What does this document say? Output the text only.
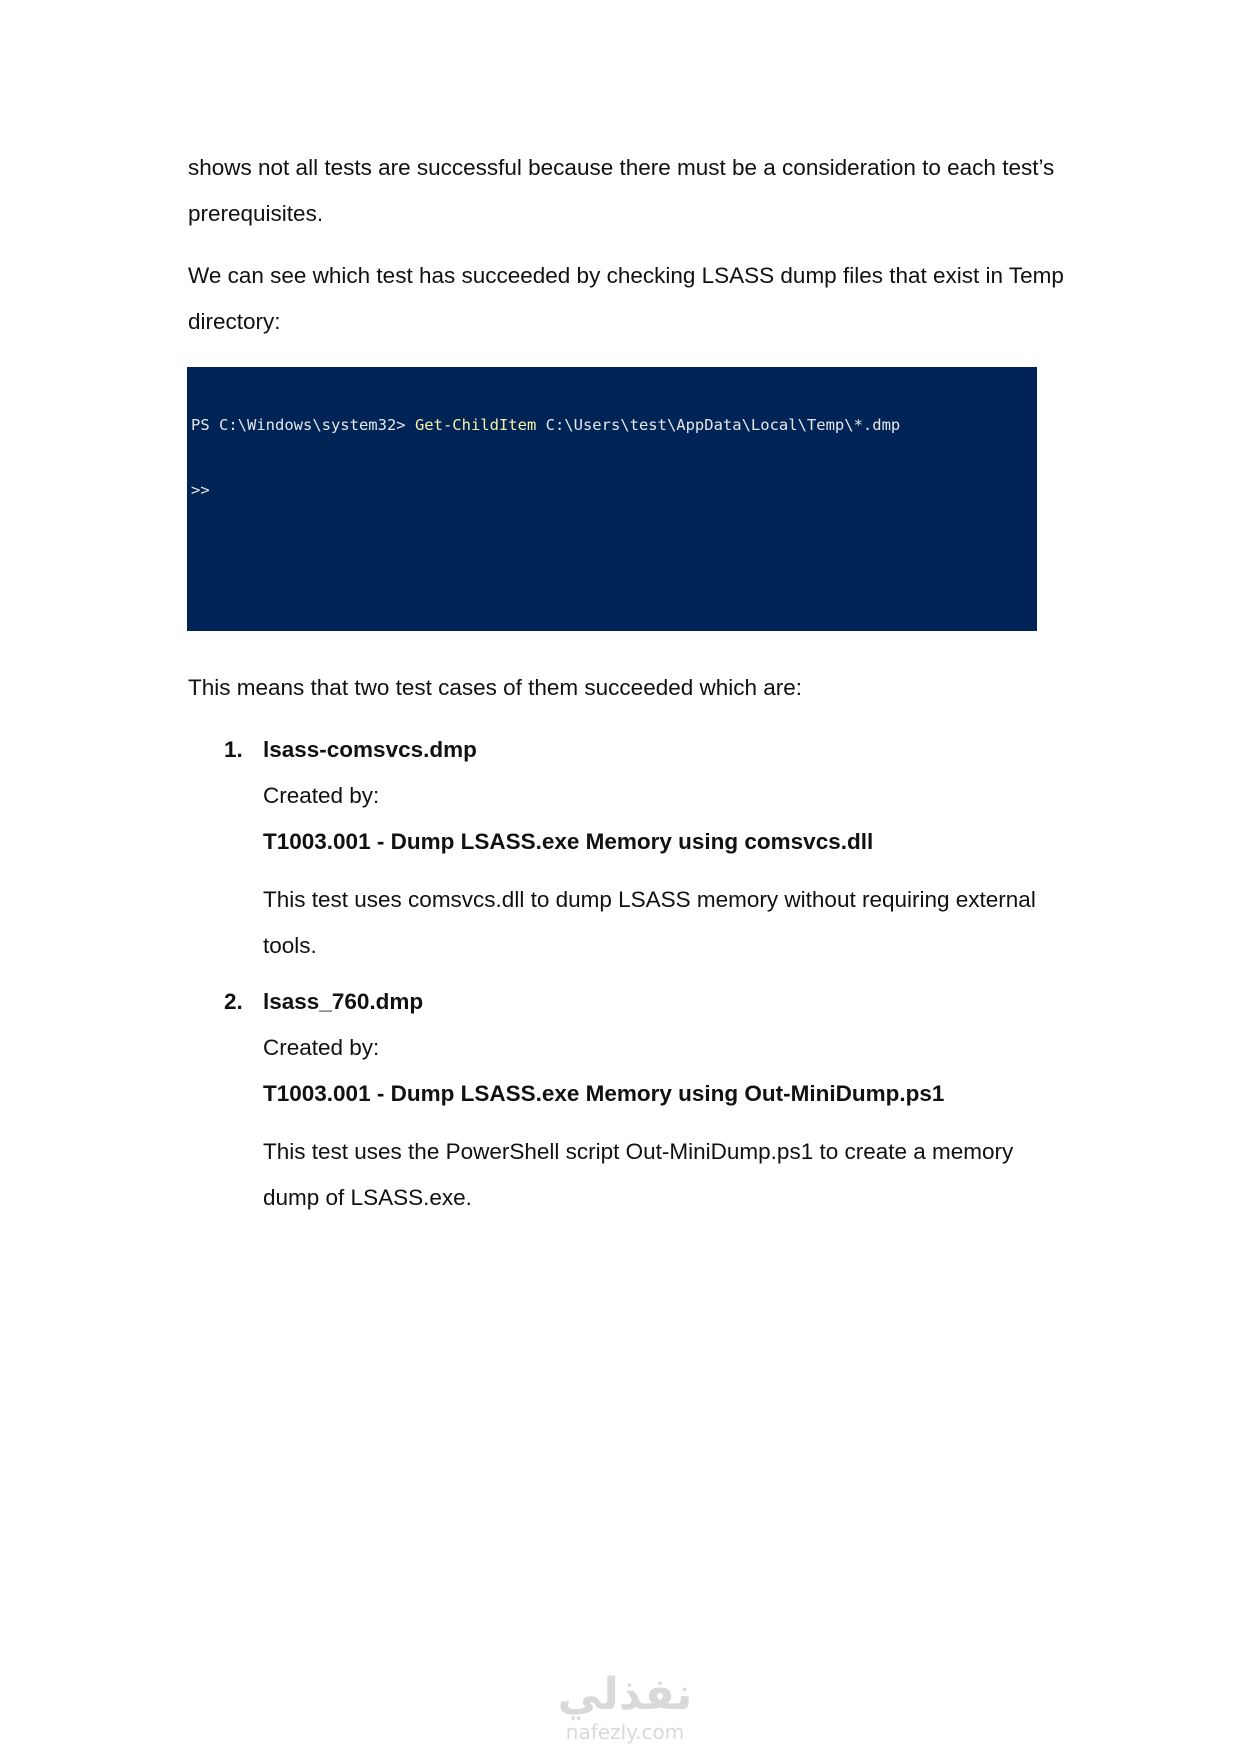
shows not all tests are successful because there must be a consideration to each test’s prerequisites.

We can see which test has succeeded by checking LSASS dump files that exist in Temp directory:

PS C:\Windows\system32> Get-ChildItem C:\Users\test\AppData\Local\Temp\*.dmp

>>

This means that two test cases of them succeeded which are:

1. lsass-comsvcs.dmp
Created by:
T1003.001 - Dump LSASS.exe Memory using comsvcs.dll
This test uses comsvcs.dll to dump LSASS memory without requiring external tools.
2. lsass_760.dmp
Created by:
T1003.001 - Dump LSASS.exe Memory using Out-MiniDump.ps1
This test uses the PowerShell script Out-MiniDump.ps1 to create a memory dump of LSASS.exe.
نفذلي
nafezly.com
